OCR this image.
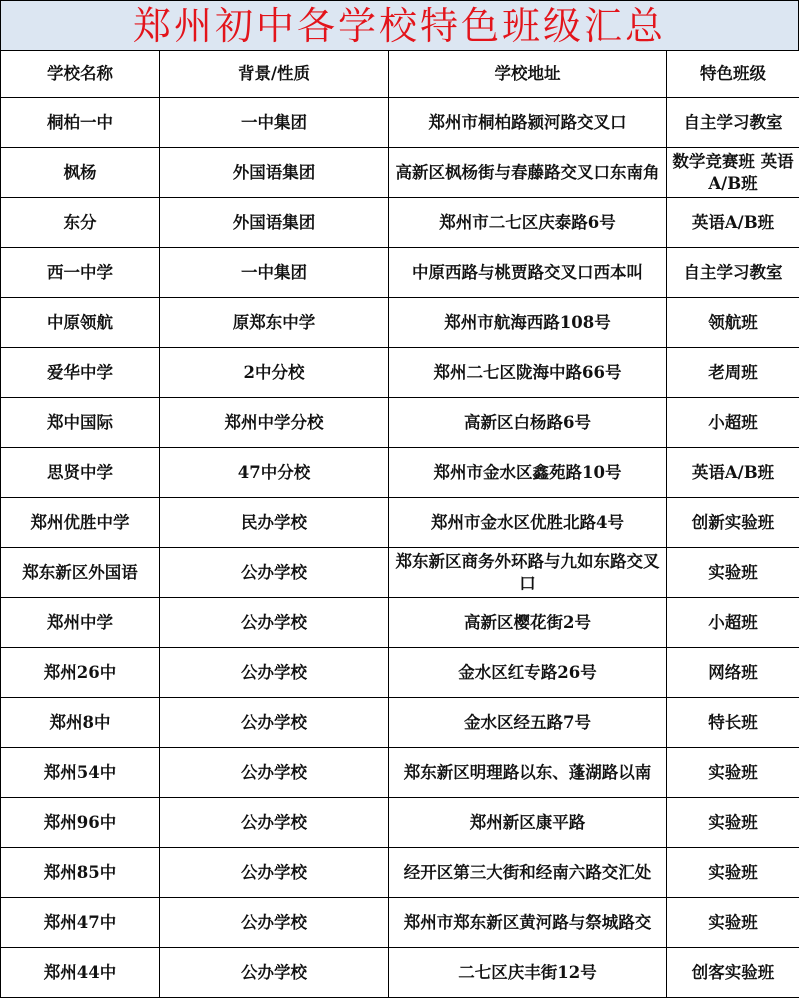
郑州初中各学校特色班级汇总
学校名称	背景/性质	学校地址	特色班级
桐柏一中	一中集团	郑州市桐柏路颍河路交叉口	自主学习教室
枫杨	外国语集团	高新区枫杨街与春藤路交叉口东南角	数学竞赛班 英语A/B班
东分	外国语集团	郑州市二七区庆泰路6号	英语A/B班
西一中学	一中集团	中原西路与桃贾路交叉口西本叫	自主学习教室
中原领航	原郑东中学	郑州市航海西路108号	领航班
爱华中学	2中分校	郑州二七区陇海中路66号	老周班
郑中国际	郑州中学分校	高新区白杨路6号	小超班
思贤中学	47中分校	郑州市金水区鑫苑路10号	英语A/B班
郑州优胜中学	民办学校	郑州市金水区优胜北路4号	创新实验班
郑东新区外国语	公办学校	郑东新区商务外环路与九如东路交叉口	实验班
郑州中学	公办学校	高新区樱花街2号	小超班
郑州26中	公办学校	金水区红专路26号	网络班
郑州8中	公办学校	金水区经五路7号	特长班
郑州54中	公办学校	郑东新区明理路以东、蓬湖路以南	实验班
郑州96中	公办学校	郑州新区康平路	实验班
郑州85中	公办学校	经开区第三大街和经南六路交汇处	实验班
郑州47中	公办学校	郑州市郑东新区黄河路与祭城路交	实验班
郑州44中	公办学校	二七区庆丰街12号	创客实验班
